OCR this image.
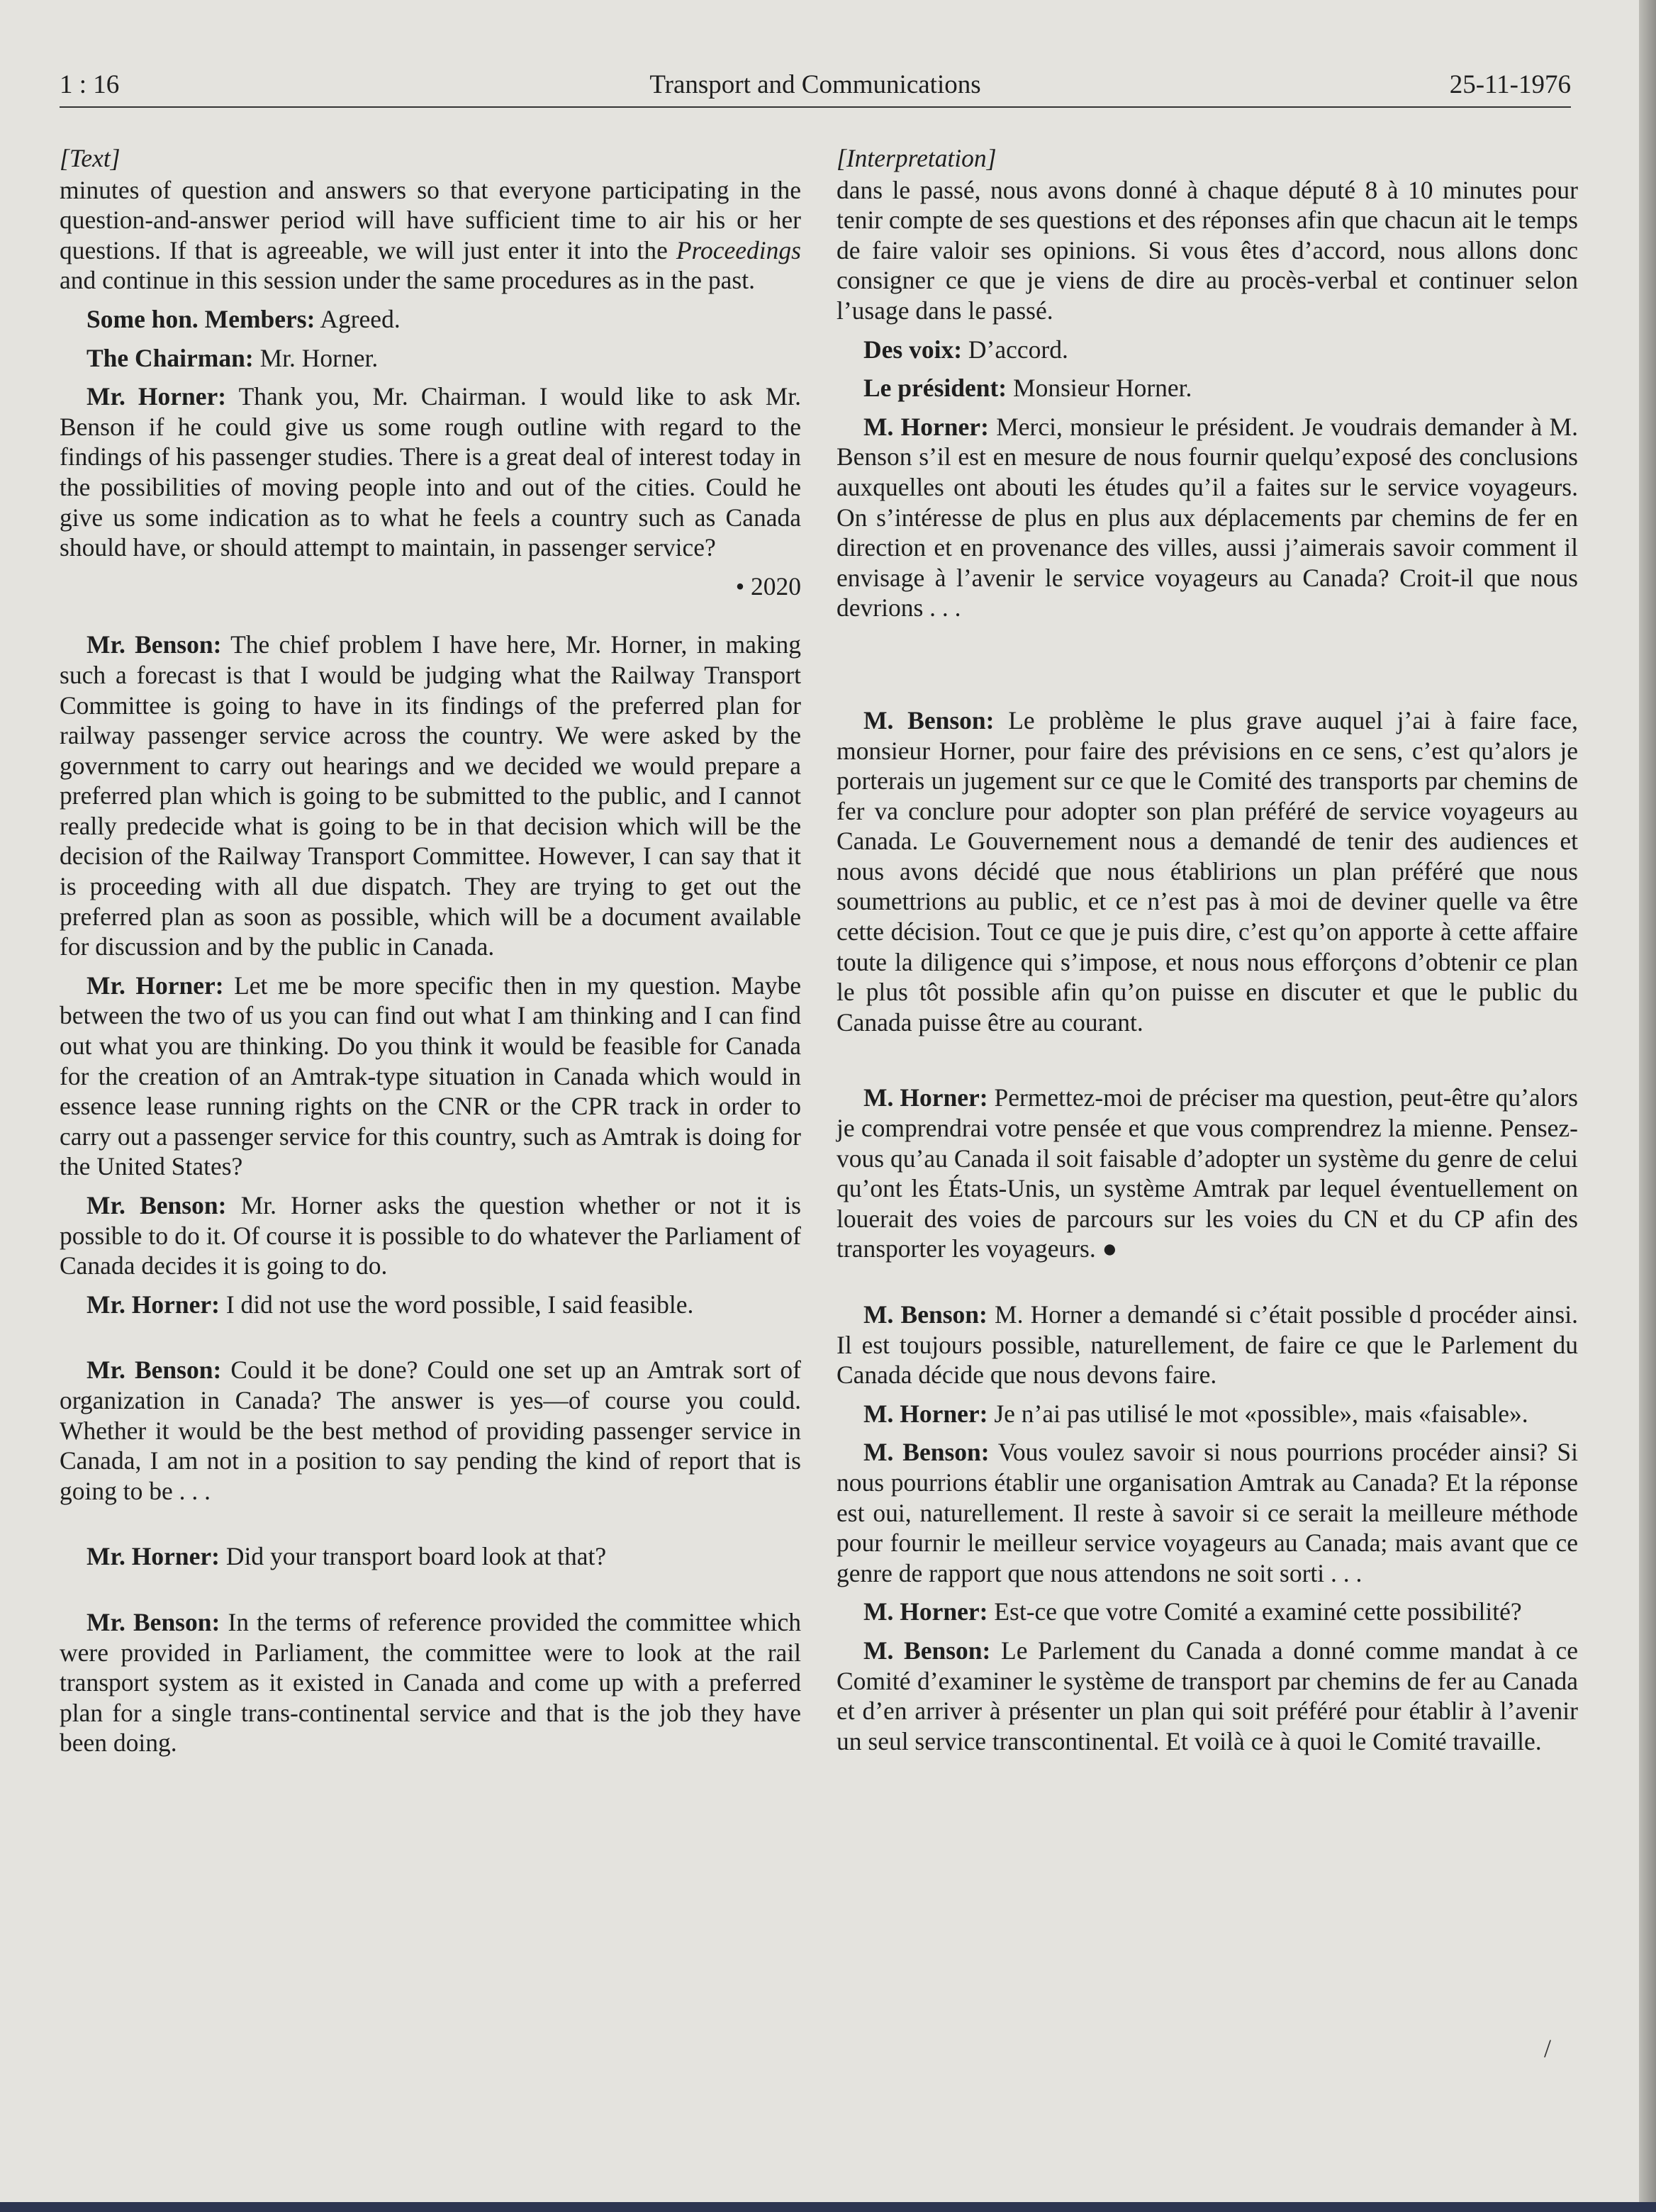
1 : 16	Transport and Communications	25-11-1976
[Text]

minutes of question and answers so that everyone participating in the question-and-answer period will have sufficient time to air his or her questions. If that is agreeable, we will just enter it into the Proceedings and continue in this session under the same procedures as in the past.

Some hon. Members: Agreed.

The Chairman: Mr. Horner.

Mr. Horner: Thank you, Mr. Chairman. I would like to ask Mr. Benson if he could give us some rough outline with regard to the findings of his passenger studies. There is a great deal of interest today in the possibilities of moving people into and out of the cities. Could he give us some indication as to what he feels a country such as Canada should have, or should attempt to maintain, in passenger service?

• 2020

Mr. Benson: The chief problem I have here, Mr. Horner, in making such a forecast is that I would be judging what the Railway Transport Committee is going to have in its findings of the preferred plan for railway passenger service across the country. We were asked by the government to carry out hearings and we decided we would prepare a preferred plan which is going to be submitted to the public, and I cannot really predecide what is going to be in that decision which will be the decision of the Railway Transport Committee. However, I can say that it is proceeding with all due dispatch. They are trying to get out the preferred plan as soon as possible, which will be a document available for discussion and by the public in Canada.

Mr. Horner: Let me be more specific then in my question. Maybe between the two of us you can find out what I am thinking and I can find out what you are thinking. Do you think it would be feasible for Canada for the creation of an Amtrak-type situation in Canada which would in essence lease running rights on the CNR or the CPR track in order to carry out a passenger service for this country, such as Amtrak is doing for the United States?

Mr. Benson: Mr. Horner asks the question whether or not it is possible to do it. Of course it is possible to do whatever the Parliament of Canada decides it is going to do.

Mr. Horner: I did not use the word possible, I said feasible.

Mr. Benson: Could it be done? Could one set up an Amtrak sort of organization in Canada? The answer is yes—of course you could. Whether it would be the best method of providing passenger service in Canada, I am not in a position to say pending the kind of report that is going to be . . .

Mr. Horner: Did your transport board look at that?

Mr. Benson: In the terms of reference provided the committee which were provided in Parliament, the committee were to look at the rail transport system as it existed in Canada and come up with a preferred plan for a single trans-continental service and that is the job they have been doing.

[Interpretation]

dans le passé, nous avons donné à chaque député 8 à 10 minutes pour tenir compte de ses questions et des réponses afin que chacun ait le temps de faire valoir ses opinions. Si vous êtes d’accord, nous allons donc consigner ce que je viens de dire au procès-verbal et continuer selon l’usage dans le passé.

Des voix: D’accord.

Le président: Monsieur Horner.

M. Horner: Merci, monsieur le président. Je voudrais demander à M. Benson s’il est en mesure de nous fournir quelqu’exposé des conclusions auxquelles ont abouti les études qu’il a faites sur le service voyageurs. On s’intéresse de plus en plus aux déplacements par chemins de fer en direction et en provenance des villes, aussi j’aimerais savoir comment il envisage à l’avenir le service voyageurs au Canada? Croit-il que nous devrions . . .

M. Benson: Le problème le plus grave auquel j’ai à faire face, monsieur Horner, pour faire des prévisions en ce sens, c’est qu’alors je porterais un jugement sur ce que le Comité des transports par chemins de fer va conclure pour adopter son plan préféré de service voyageurs au Canada. Le Gouvernement nous a demandé de tenir des audiences et nous avons décidé que nous établirions un plan préféré que nous soumettrions au public, et ce n’est pas à moi de deviner quelle va être cette décision. Tout ce que je puis dire, c’est qu’on apporte à cette affaire toute la diligence qui s’impose, et nous nous efforçons d’obtenir ce plan le plus tôt possible afin qu’on puisse en discuter et que le public du Canada puisse être au courant.

M. Horner: Permettez-moi de préciser ma question, peut-être qu’alors je comprendrai votre pensée et que vous comprendrez la mienne. Pensez-vous qu’au Canada il soit faisable d’adopter un système du genre de celui qu’ont les États-Unis, un système Amtrak par lequel éventuellement on louerait des voies de parcours sur les voies du CN et du CP afin des transporter les voyageurs. ●

M. Benson: M. Horner a demandé si c’était possible d procéder ainsi. Il est toujours possible, naturellement, de faire ce que le Parlement du Canada décide que nous devons faire.

M. Horner: Je n’ai pas utilisé le mot «possible», mais «faisable».

M. Benson: Vous voulez savoir si nous pourrions procéder ainsi? Si nous pourrions établir une organisation Amtrak au Canada? Et la réponse est oui, naturellement. Il reste à savoir si ce serait la meilleure méthode pour fournir le meilleur service voyageurs au Canada; mais avant que ce genre de rapport que nous attendons ne soit sorti . . .

M. Horner: Est-ce que votre Comité a examiné cette possibilité?

M. Benson: Le Parlement du Canada a donné comme mandat à ce Comité d’examiner le système de transport par chemins de fer au Canada et d’en arriver à présenter un plan qui soit préféré pour établir à l’avenir un seul service transcontinental. Et voilà ce à quoi le Comité travaille.

/
